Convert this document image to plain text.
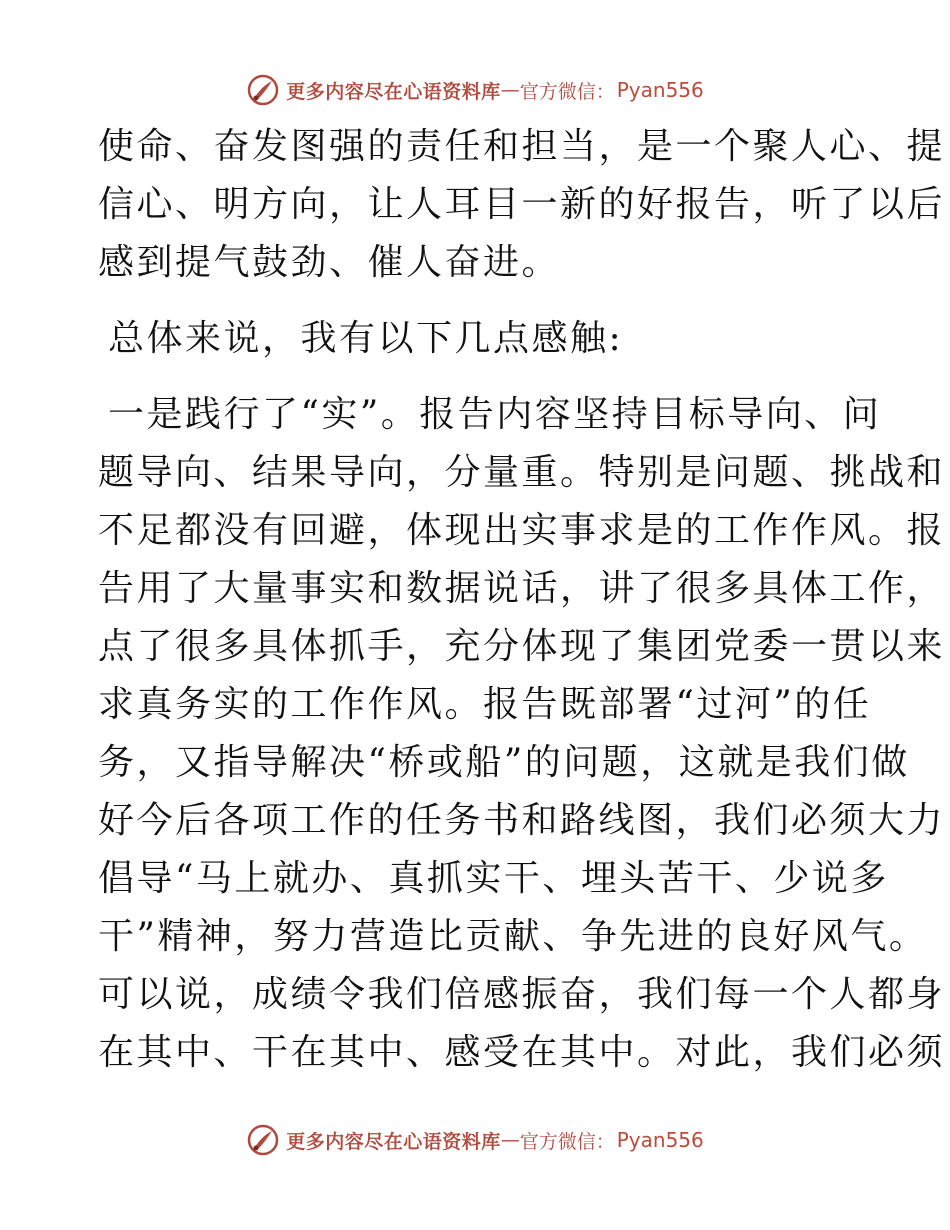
更多内容尽在心语资料库 — 官方微信： Pyan556
使命、奋发图强的责任和担当，是一个聚人心、提
信心、明方向，让人耳目一新的好报告，听了以后
感到提气鼓劲、催人奋进。
总体来说，我有以下几点感触:
一是践行了“实”。报告内容坚持目标导向、问
题导向、结果导向，分量重。特别是问题、挑战和
不足都没有回避，体现出实事求是的工作作风。报
告用了大量事实和数据说话，讲了很多具体工作，
点了很多具体抓手，充分体现了集团党委一贯以来
求真务实的工作作风。报告既部署“过河”的任
务，又指导解决“桥或船”的问题，这就是我们做
好今后各项工作的任务书和路线图，我们必须大力
倡导“马上就办、真抓实干、埋头苦干、少说多
干”精神，努力营造比贡献、争先进的良好风气。
可以说，成绩令我们倍感振奋，我们每一个人都身
在其中、干在其中、感受在其中。对此，我们必须
更多内容尽在心语资料库 — 官方微信： Pyan556
